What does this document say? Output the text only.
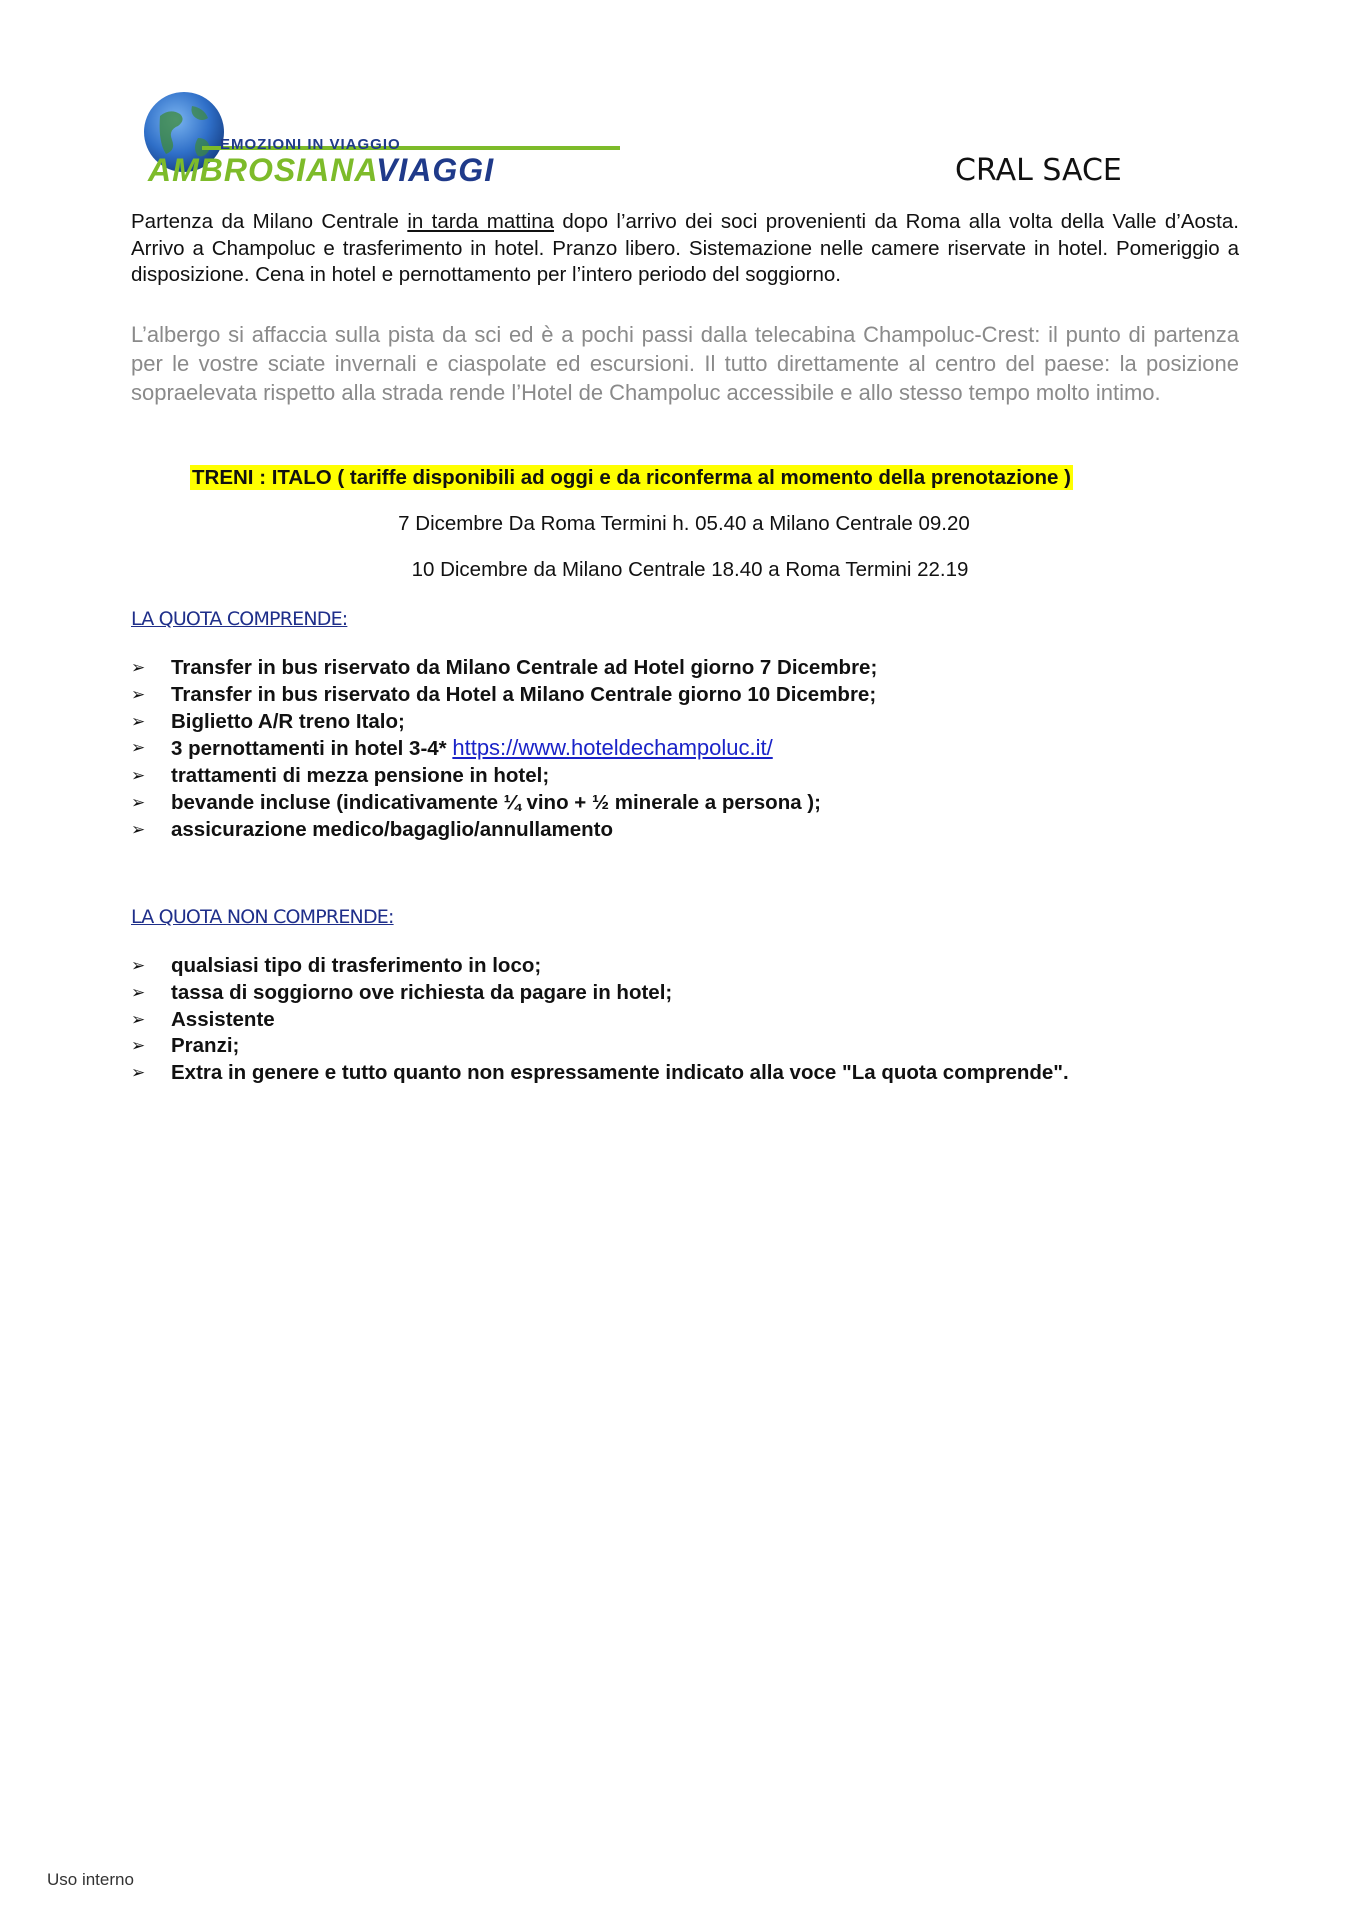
EMOZIONI IN VIAGGIO
AMBROSIANAVIAGGI	CRAL SACE
Partenza da Milano Centrale in tarda mattina dopo l’arrivo dei soci provenienti da Roma alla volta della Valle d’Aosta. Arrivo a Champoluc e trasferimento in hotel. Pranzo libero. Sistemazione nelle camere riservate in hotel. Pomeriggio a disposizione. Cena in hotel e pernottamento per l’intero periodo del soggiorno.
L’albergo si affaccia sulla pista da sci ed è a pochi passi dalla telecabina Champoluc-Crest: il punto di partenza per le vostre sciate invernali e ciaspolate ed escursioni. Il tutto direttamente al centro del paese: la posizione sopraelevata rispetto alla strada rende l’Hotel de Champoluc accessibile e allo stesso tempo molto intimo.
TRENI : ITALO ( tariffe disponibili ad oggi e da riconferma al momento della prenotazione )
7 Dicembre Da Roma Termini h. 05.40 a Milano Centrale 09.20
10 Dicembre da Milano Centrale 18.40 a Roma Termini 22.19
LA QUOTA COMPRENDE:
➢ Transfer in bus riservato da Milano Centrale ad Hotel giorno 7 Dicembre;
➢ Transfer in bus riservato da Hotel a Milano Centrale giorno 10 Dicembre;
➢ Biglietto A/R treno Italo;
➢ 3 pernottamenti in hotel 3-4* https://www.hoteldechampoluc.it/
➢ trattamenti di mezza pensione in hotel;
➢ bevande incluse (indicativamente ¼ vino + ½ minerale a persona );
➢ assicurazione medico/bagaglio/annullamento
LA QUOTA NON COMPRENDE:
➢ qualsiasi tipo di trasferimento in loco;
➢ tassa di soggiorno ove richiesta da pagare in hotel;
➢ Assistente
➢ Pranzi;
➢ Extra in genere e tutto quanto non espressamente indicato alla voce "La quota comprende".
Uso interno
